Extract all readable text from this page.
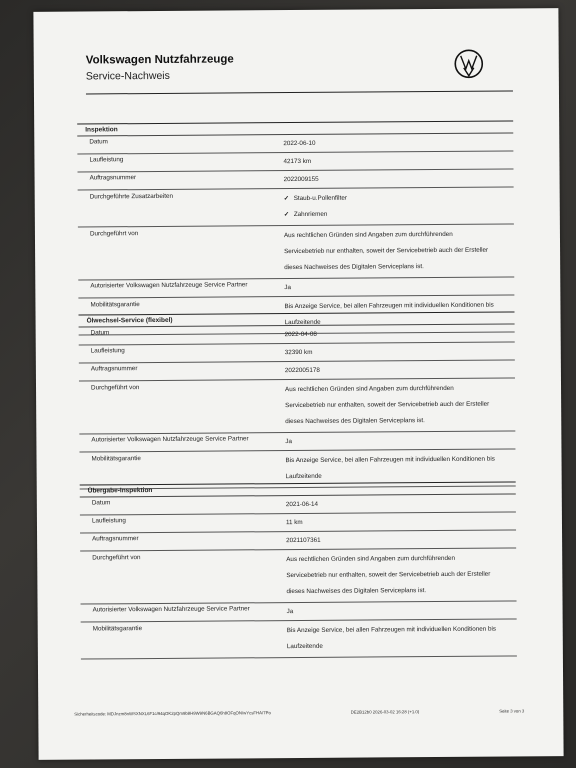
Volkswagen Nutzfahrzeuge
Service-Nachweis
Inspektion
Datum	2022-06-10
Laufleistung	42173 km
Auftragsnummer	2022009155
Durchgeführte Zusatzarbeiten	✓ Staub-u.Pollenfilter
✓ Zahnriemen
Durchgeführt von	Aus rechtlichen Gründen sind Angaben zum durchführenden
Servicebetrieb nur enthalten, soweit der Servicebetrieb auch der Ersteller
dieses Nachweises des Digitalen Serviceplans ist.
Autorisierter Volkswagen Nutzfahrzeuge Service Partner	Ja
Mobilitätsgarantie	Bis Anzeige Service, bei allen Fahrzeugen mit individuellen Konditionen bis
Laufzeitende
Ölwechsel-Service (flexibel)
Datum	2022-04-08
Laufleistung	32390 km
Auftragsnummer	2022005178
Durchgeführt von	Aus rechtlichen Gründen sind Angaben zum durchführenden
Servicebetrieb nur enthalten, soweit der Servicebetrieb auch der Ersteller
dieses Nachweises des Digitalen Serviceplans ist.
Autorisierter Volkswagen Nutzfahrzeuge Service Partner	Ja
Mobilitätsgarantie	Bis Anzeige Service, bei allen Fahrzeugen mit individuellen Konditionen bis
Laufzeitende
Übergabe-Inspektion
Datum	2021-06-14
Laufleistung	11 km
Auftragsnummer	2021107361
Durchgeführt von	Aus rechtlichen Gründen sind Angaben zum durchführenden
Servicebetrieb nur enthalten, soweit der Servicebetrieb auch der Ersteller
dieses Nachweises des Digitalen Serviceplans ist.
Autorisierter Volkswagen Nutzfahrzeuge Service Partner	Ja
Mobilitätsgarantie	Bis Anzeige Service, bei allen Fahrzeugen mit individuellen Konditionen bis
Laufzeitende
Sicherheitscode: MDJnzm8nWSXNXL6F1c/94qOK2pQm9b8H9W9N6BGAQ6h8OFqON/wYcsFHA/7Po	DE2B12b0 2026-03-02 16:28 (+1.0)	Seite 3 von 3
